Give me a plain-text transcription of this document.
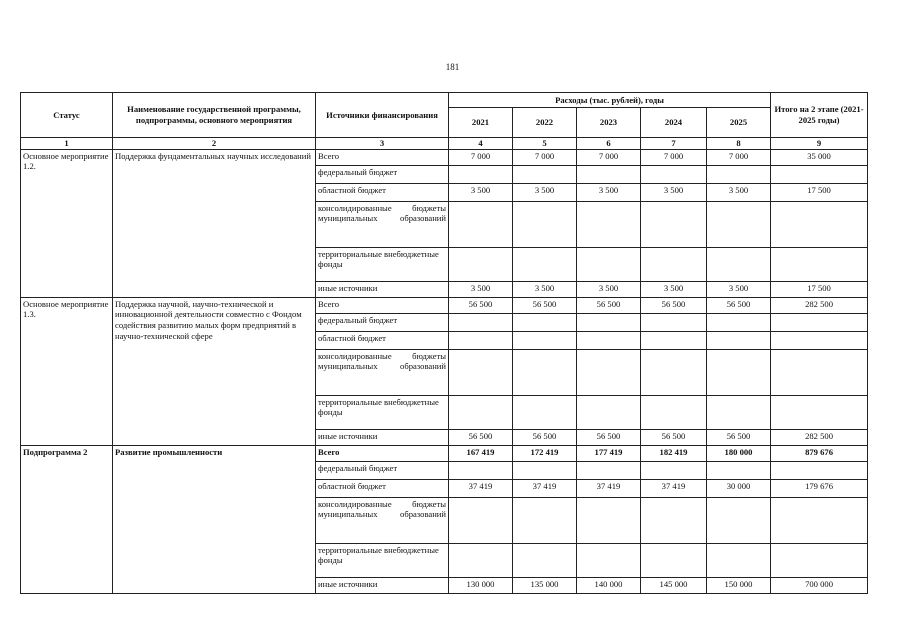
181
Статус	Наименование государственной программы, подпрограммы, основного мероприятия	Источники финансирования	Расходы (тыс. рублей), годы					Итого на 2 этапе (2021-2025 годы)
			2021	2022	2023	2024	2025	
1	2	3	4	5	6	7	8	9
Основное мероприятие 1.2.	Поддержка фундаментальных научных исследований	Всего	7 000	7 000	7 000	7 000	7 000	35 000
		федеральный бюджет						
		областной бюджет	3 500	3 500	3 500	3 500	3 500	17 500
		консолидированные бюджеты муниципальных образований						
		территориальные внебюджетные фонды						
		иные источники	3 500	3 500	3 500	3 500	3 500	17 500
Основное мероприятие 1.3.	Поддержка научной, научно-технической и инновационной деятельности совместно с Фондом содействия развитию малых форм предприятий в научно-технической сфере	Всего	56 500	56 500	56 500	56 500	56 500	282 500
		федеральный бюджет						
		областной бюджет						
		консолидированные бюджеты муниципальных образований						
		территориальные внебюджетные фонды						
		иные источники	56 500	56 500	56 500	56 500	56 500	282 500
Подпрограмма 2	Развитие промышленности	Всего	167 419	172 419	177 419	182 419	180 000	879 676
		федеральный бюджет						
		областной бюджет	37 419	37 419	37 419	37 419	30 000	179 676
		консолидированные бюджеты муниципальных образований						
		территориальные внебюджетные фонды						
		иные источники	130 000	135 000	140 000	145 000	150 000	700 000
